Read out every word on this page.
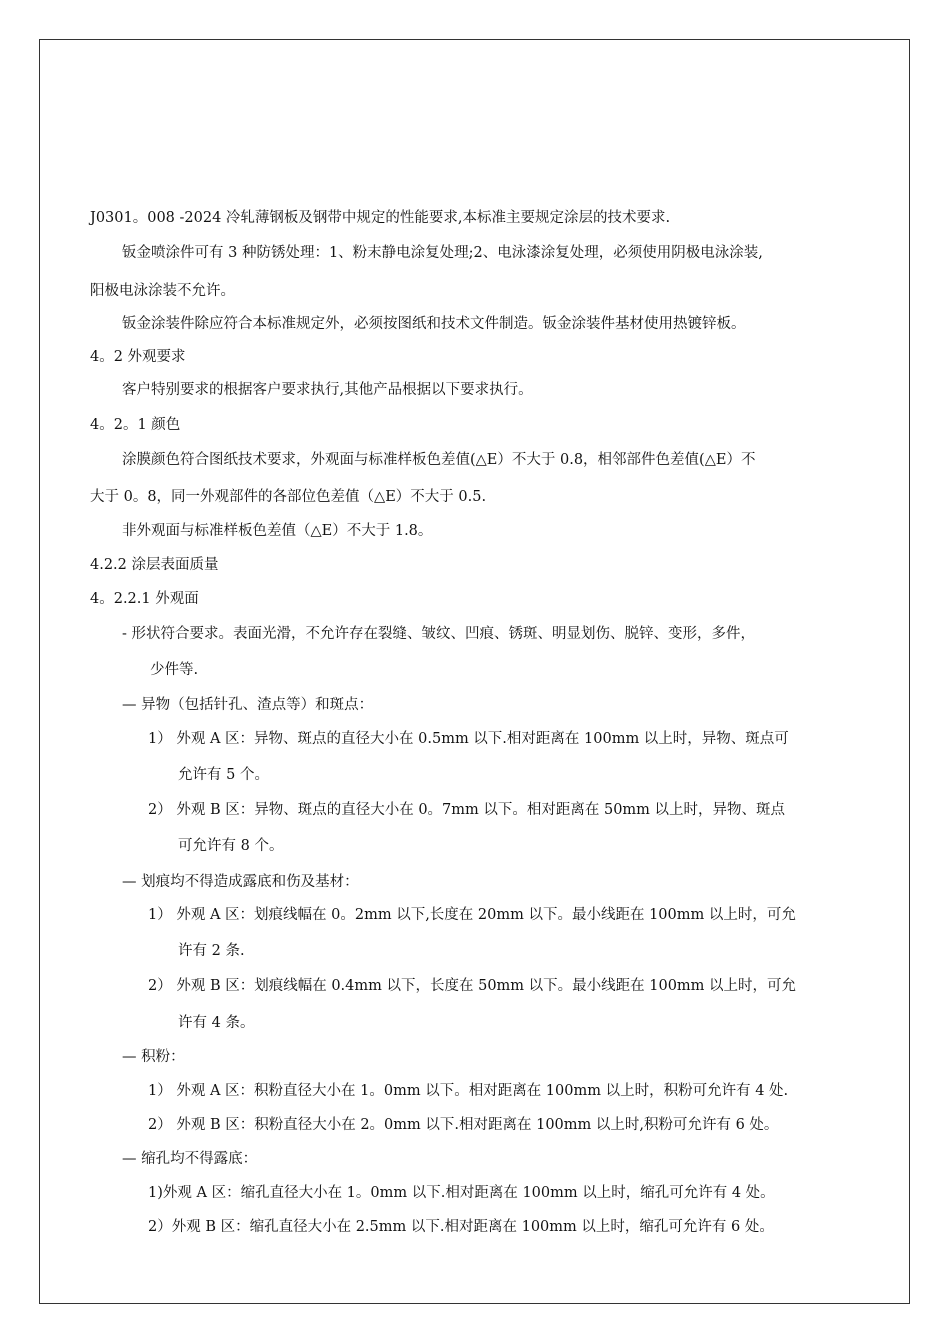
J0301。008 -2024 冷轧薄钢板及钢带中规定的性能要求,本标准主要规定涂层的技术要求.
钣金喷涂件可有 3 种防锈处理：1、粉末静电涂复处理;2、电泳漆涂复处理，必须使用阴极电泳涂装,
阳极电泳涂装不允许。
钣金涂装件除应符合本标准规定外，必须按图纸和技术文件制造。钣金涂装件基材使用热镀锌板。
4。2 外观要求
客户特别要求的根据客户要求执行,其他产品根据以下要求执行。
4。2。1 颜色
涂膜颜色符合图纸技术要求，外观面与标准样板色差值(△E）不大于 0.8，相邻部件色差值(△E）不
大于 0。8，同一外观部件的各部位色差值（△E）不大于 0.5.
非外观面与标准样板色差值（△E）不大于 1.8。
4.2.2 涂层表面质量
4。2.2.1 外观面
- 形状符合要求。表面光滑，不允许存在裂缝、皱纹、凹痕、锈斑、明显划伤、脱锌、变形，多件，
少件等.
— 异物（包括针孔、渣点等）和斑点：
1） 外观 A 区：异物、斑点的直径大小在 0.5mm 以下.相对距离在 100mm 以上时，异物、斑点可
允许有 5 个。
2） 外观 B 区：异物、斑点的直径大小在 0。7mm 以下。相对距离在 50mm 以上时，异物、斑点
可允许有 8 个。
— 划痕均不得造成露底和伤及基材：
1） 外观 A 区：划痕线幅在 0。2mm 以下,长度在 20mm 以下。最小线距在 100mm 以上时，可允
许有 2 条.
2） 外观 B 区：划痕线幅在 0.4mm 以下，长度在 50mm 以下。最小线距在 100mm 以上时，可允
许有 4 条。
— 积粉：
1） 外观 A 区：积粉直径大小在 1。0mm 以下。相对距离在 100mm 以上时，积粉可允许有 4 处.
2） 外观 B 区：积粉直径大小在 2。0mm 以下.相对距离在 100mm 以上时,积粉可允许有 6 处。
— 缩孔均不得露底：
1)外观 A 区：缩孔直径大小在 1。0mm 以下.相对距离在 100mm 以上时，缩孔可允许有 4 处。
2）外观 B 区：缩孔直径大小在 2.5mm 以下.相对距离在 100mm 以上时，缩孔可允许有 6 处。
